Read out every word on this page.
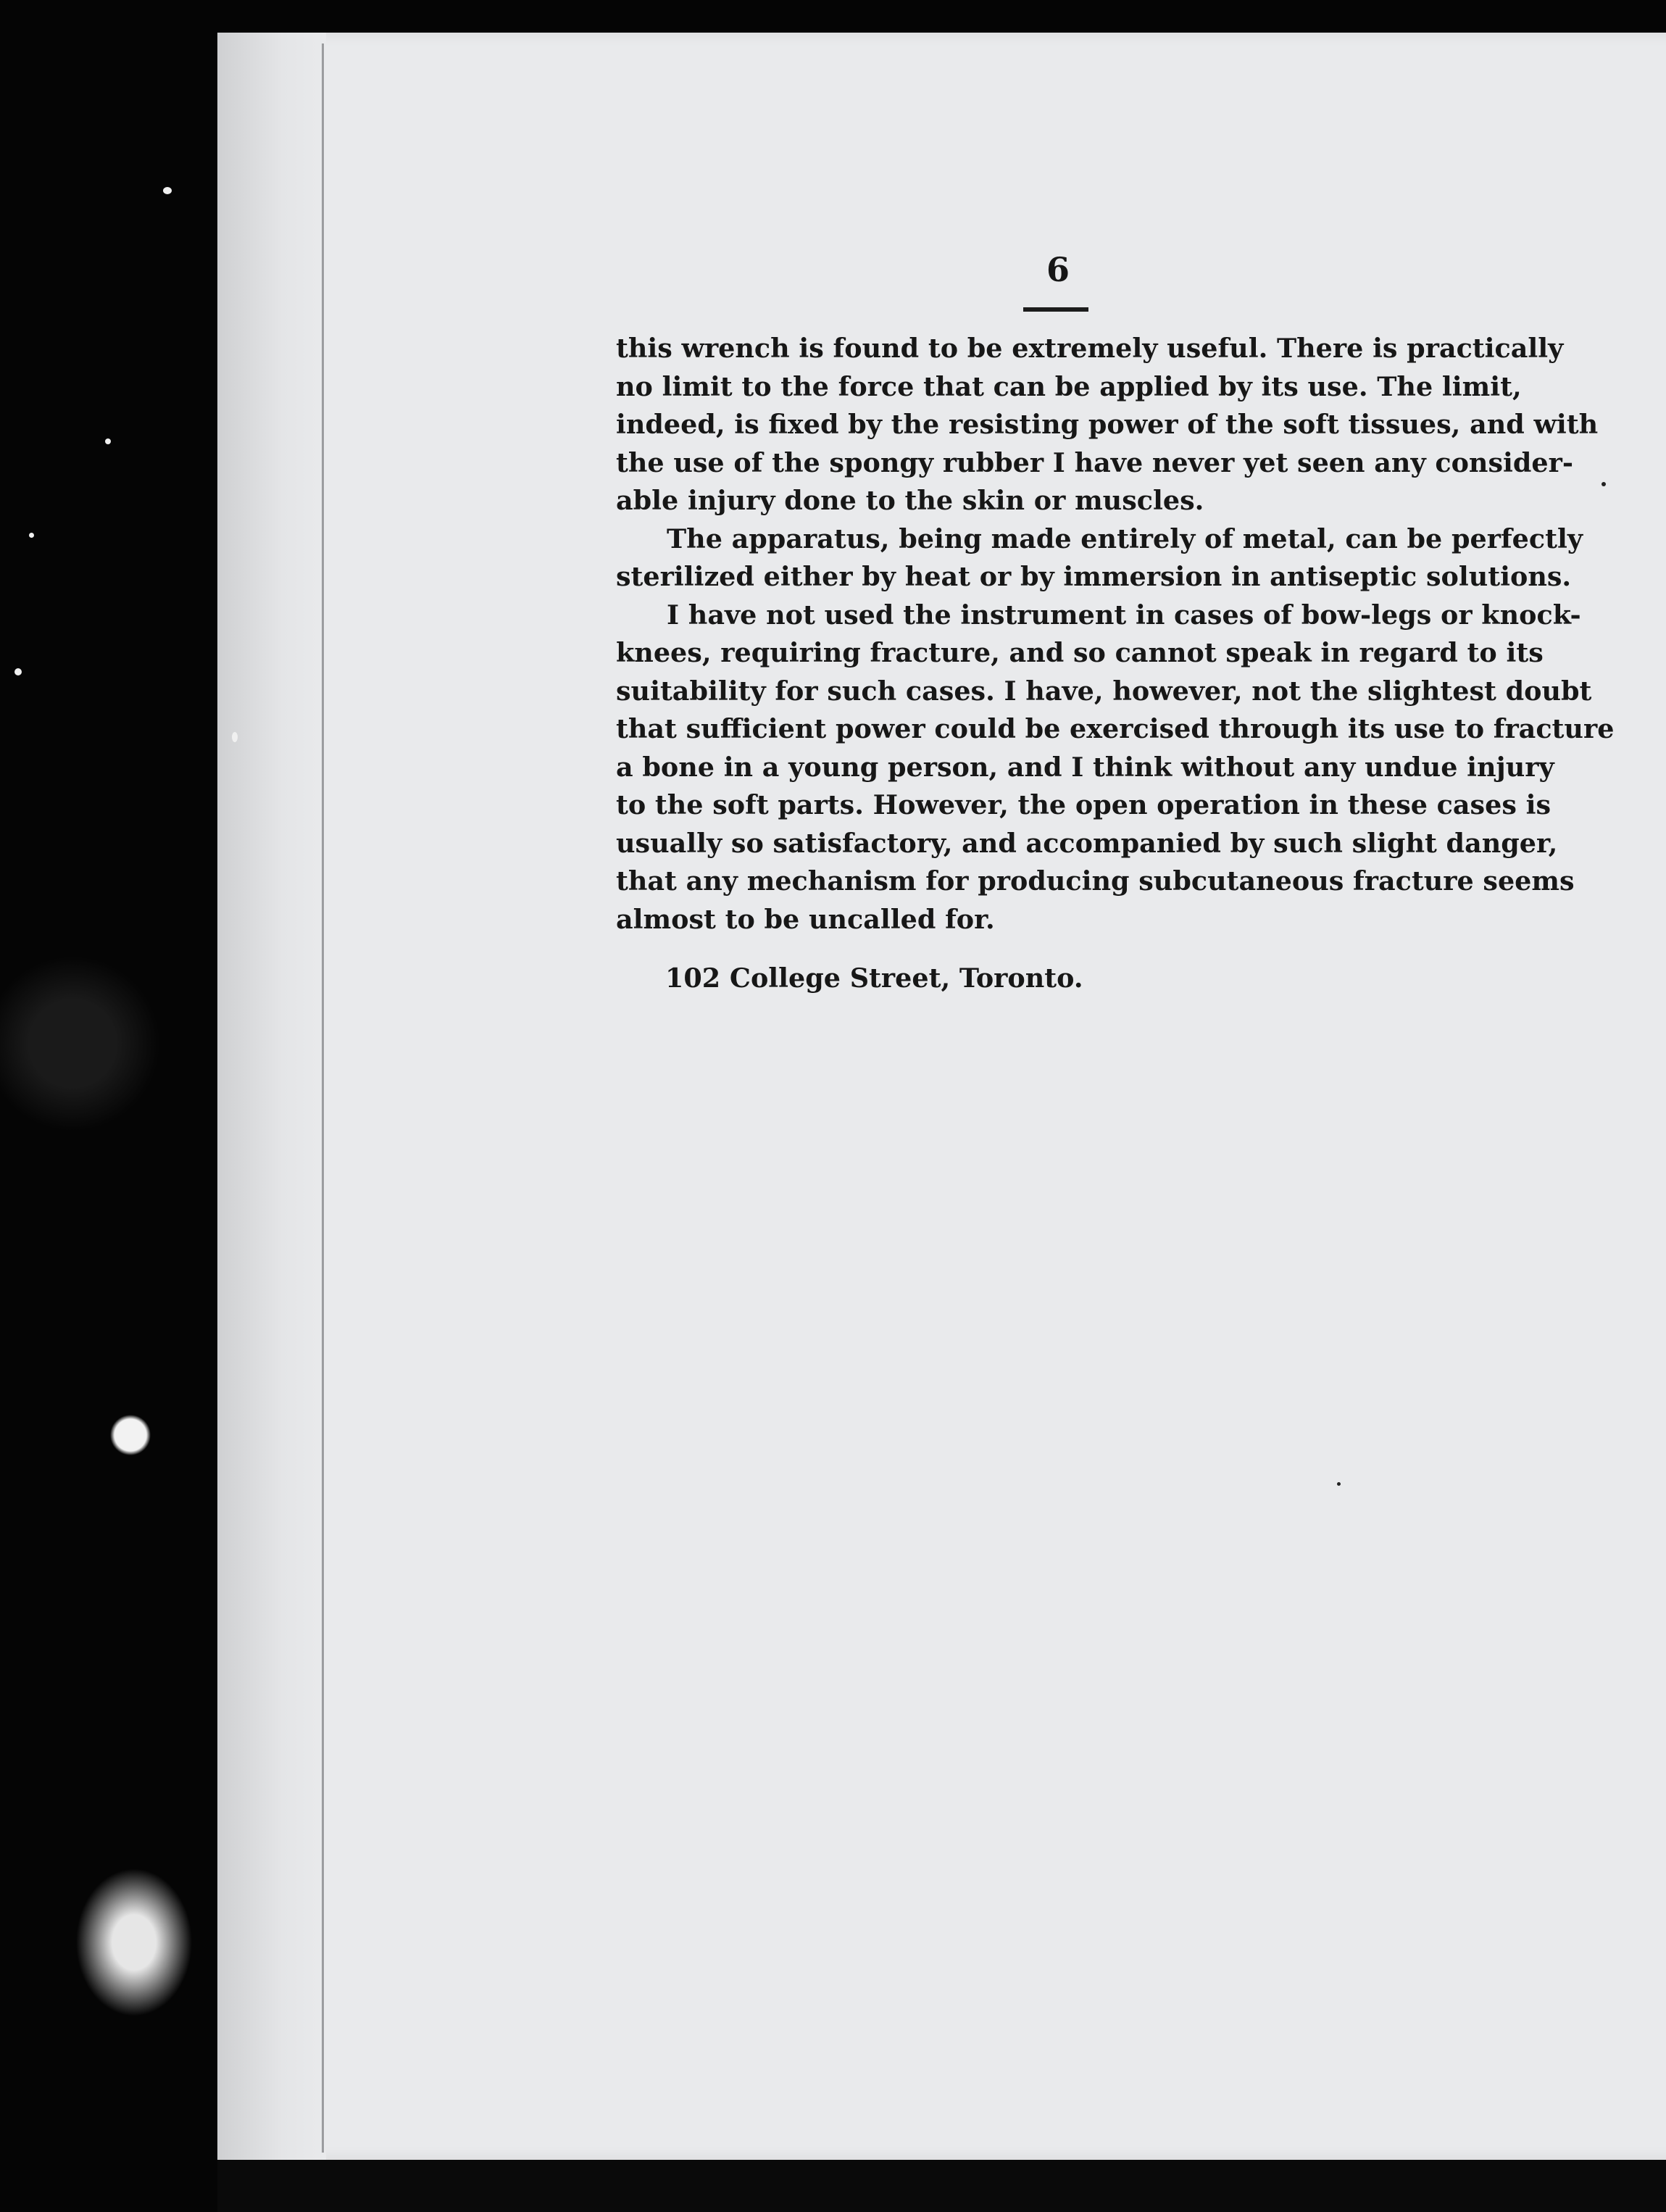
6
this wrench is found to be extremely useful. There is practically
no limit to the force that can be applied by its use. The limit,
indeed, is fixed by the resisting power of the soft tissues, and with
the use of the spongy rubber I have never yet seen any consider-
able injury done to the skin or muscles.
The apparatus, being made entirely of metal, can be perfectly
sterilized either by heat or by immersion in antiseptic solutions.
I have not used the instrument in cases of bow-legs or knock-
knees, requiring fracture, and so cannot speak in regard to its
suitability for such cases. I have, however, not the slightest doubt
that sufficient power could be exercised through its use to fracture
a bone in a young person, and I think without any undue injury
to the soft parts. However, the open operation in these cases is
usually so satisfactory, and accompanied by such slight danger,
that any mechanism for producing subcutaneous fracture seems
almost to be uncalled for.
102 College Street, Toronto.
